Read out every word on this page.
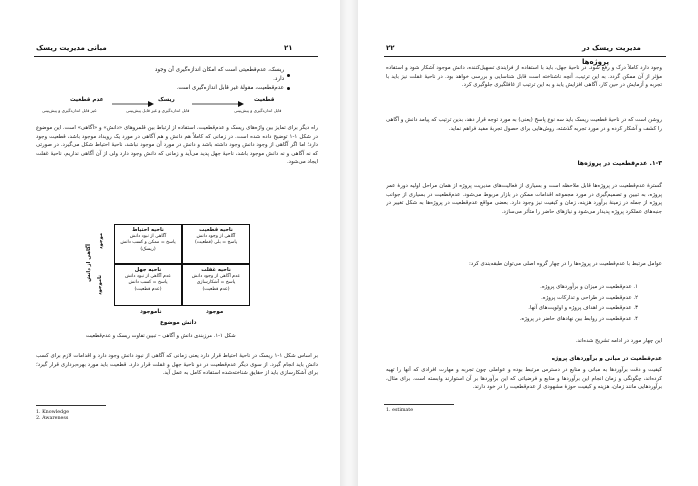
۲۱
مبانی مدیریت ریسک
ریسک، عدم‌قطعیتی است که امکان اندازه‌گیری آن وجود دارد.
عدم‌قطعیت، مقولهٔ غیر قابل اندازه‌گیری است.
قطعیت
قابل اندازه‌گیری و پیش‌بینی
ریسک
قابل اندازه‌گیری و غیر قابل پیش‌بینی
عدم قطعیت
غیر قابل اندازه‌گیری و پیش‌بینی

راه دیگر برای تمایز بین واژه‌های ریسک و عدم‌قطعیت، استفاده از ارتباط بین قلمروهای «دانش» و «آگاهی» است. این موضوع در شکل ۱-۱ توضیح داده شده است. در زمانی که کاملاً هم دانش و هم آگاهی در مورد یک رویداد موجود باشد، قطعیت وجود دارد؛ اما اگر آگاهی از وجود دانش وجود داشته باشد و دانش در مورد آن موجود نباشد، ناحیهٔ احتیاط شکل می‌گیرد. در صورتی که نه آگاهی و نه دانش موجود باشد، ناحیهٔ جهل پدید می‌آید و زمانی که دانش وجود دارد ولی از آن آگاهی نداریم، ناحیهٔ غفلت ایجاد می‌شود.

ناحیه قطعیت
آگاهی از وجود دانش
پاسخ = بلی (قطعیت)
ناحیه احتیاط
آگاهی از نبود دانش
پاسخ = ممکن و کسب دانش
(ریسک)
ناحیه غفلت
عدم آگاهی از وجود دانش
پاسخ = آشکارسازی
(عدم قطعیت)
ناحیه جهل
عدم آگاهی از نبود دانش
پاسخ = کسب دانش
(عدم قطعیت)
آگاهی از دانش
موجود
ناموجود
ناموجود	موجود
دانش موضوع
شکل ۱-۱. مرزبندی دانش و آگاهی – تبیین تفاوت ریسک و عدم‌قطعیت

بر اساس شکل ۱-۱ ریسک در ناحیهٔ احتیاط قرار دارد یعنی زمانی که آگاهی از نبود دانش وجود دارد و اقدامات لازم برای کسب دانش باید انجام گیرد. از سوی دیگر عدم‌قطعیت در دو ناحیهٔ جهل و غفلت قرار دارد. قطعیت باید مورد بهره‌برداری قرار گیرد؛ برای آشکارسازی باید از حقایق شناخته‌شده استفاده کامل به عمل آید.

1. Knowledge
2. Awareness
۲۲	مدیریت ریسک در پروژه‌ها

وجود دارد کاملاً درک و رفع شود. در ناحیهٔ جهل، باید با استفاده از فرایندی تسهیل‌کننده، دانش موجود آشکار شود و استفاده مؤثر از آن ممکن گردد. به این ترتیب، آنچه ناشناخته است قابل شناسایی و بررسی خواهد بود. در ناحیهٔ غفلت نیز باید با تجربه و آزمایش در حین کار، آگاهی افزایش یابد و به این ترتیب از غافلگیری جلوگیری کرد.

روشن است که در ناحیهٔ قطعیت ریسک باید سه نوع پاسخ (یعنی) به مورد توجه قرار دهد، بدین ترتیب که پیامد دانش و آگاهی را کشف و آشکار کرده و در مورد تجربه گذشته، روش‌هایی برای حصول تجربهٔ مفید فراهم نماید.

۱-۳. عدم‌قطعیت در پروژه‌ها

گسترهٔ عدم‌قطعیت در پروژه‌ها قابل ملاحظه است و بسیاری از فعالیت‌های مدیریت پروژه از همان مراحل اولیه دورهٔ عمر پروژه، به تبیین و تصمیم‌گیری در مورد مجموعه اقدامات ممکن در بازار مربوط می‌شود. عدم‌قطعیت در بسیاری از جوانب پروژه از جمله در زمینهٔ برآورد هزینه، زمان و کیفیت نیز وجود دارد. بعضی مواقع عدم‌قطعیت در پروژه‌ها به شکل تغییر در جنبه‌های عملکرد پروژه پدیدار می‌شود و نیازهای حاضر را متأثر می‌سازد.

عوامل مرتبط با عدم‌قطعیت در پروژه‌ها را در چهار گروه اصلی می‌توان طبقه‌بندی کرد:

۱. عدم‌قطعیت در میزان و برآوردهای پروژه.
۲. عدم‌قطعیت در طراحی و تدارکات پروژه.
۳. عدم‌قطعیت در اهداف پروژه و اولویت‌های آنها.
۴. عدم‌قطعیت در روابط بین نهادهای حاضر در پروژه.

این چهار مورد در ادامه تشریح شده‌اند.

عدم‌قطعیت در مبانی و برآوردهای پروژه

کیفیت و دقت برآوردها به مبانی و منابع در دسترس مرتبط بوده و عواملی چون تجربه و مهارت افرادی که آنها را تهیه کرده‌اند، چگونگی و زمان انجام این برآوردها و منابع و فرضیاتی که این برآوردها بر آن استوارند وابسته است. برای مثال، برآوردهایی مانند زمان، هزینه و کیفیت حوزهٔ مشهودی از عدم‌قطعیت را در خود دارند.

1. estimate
